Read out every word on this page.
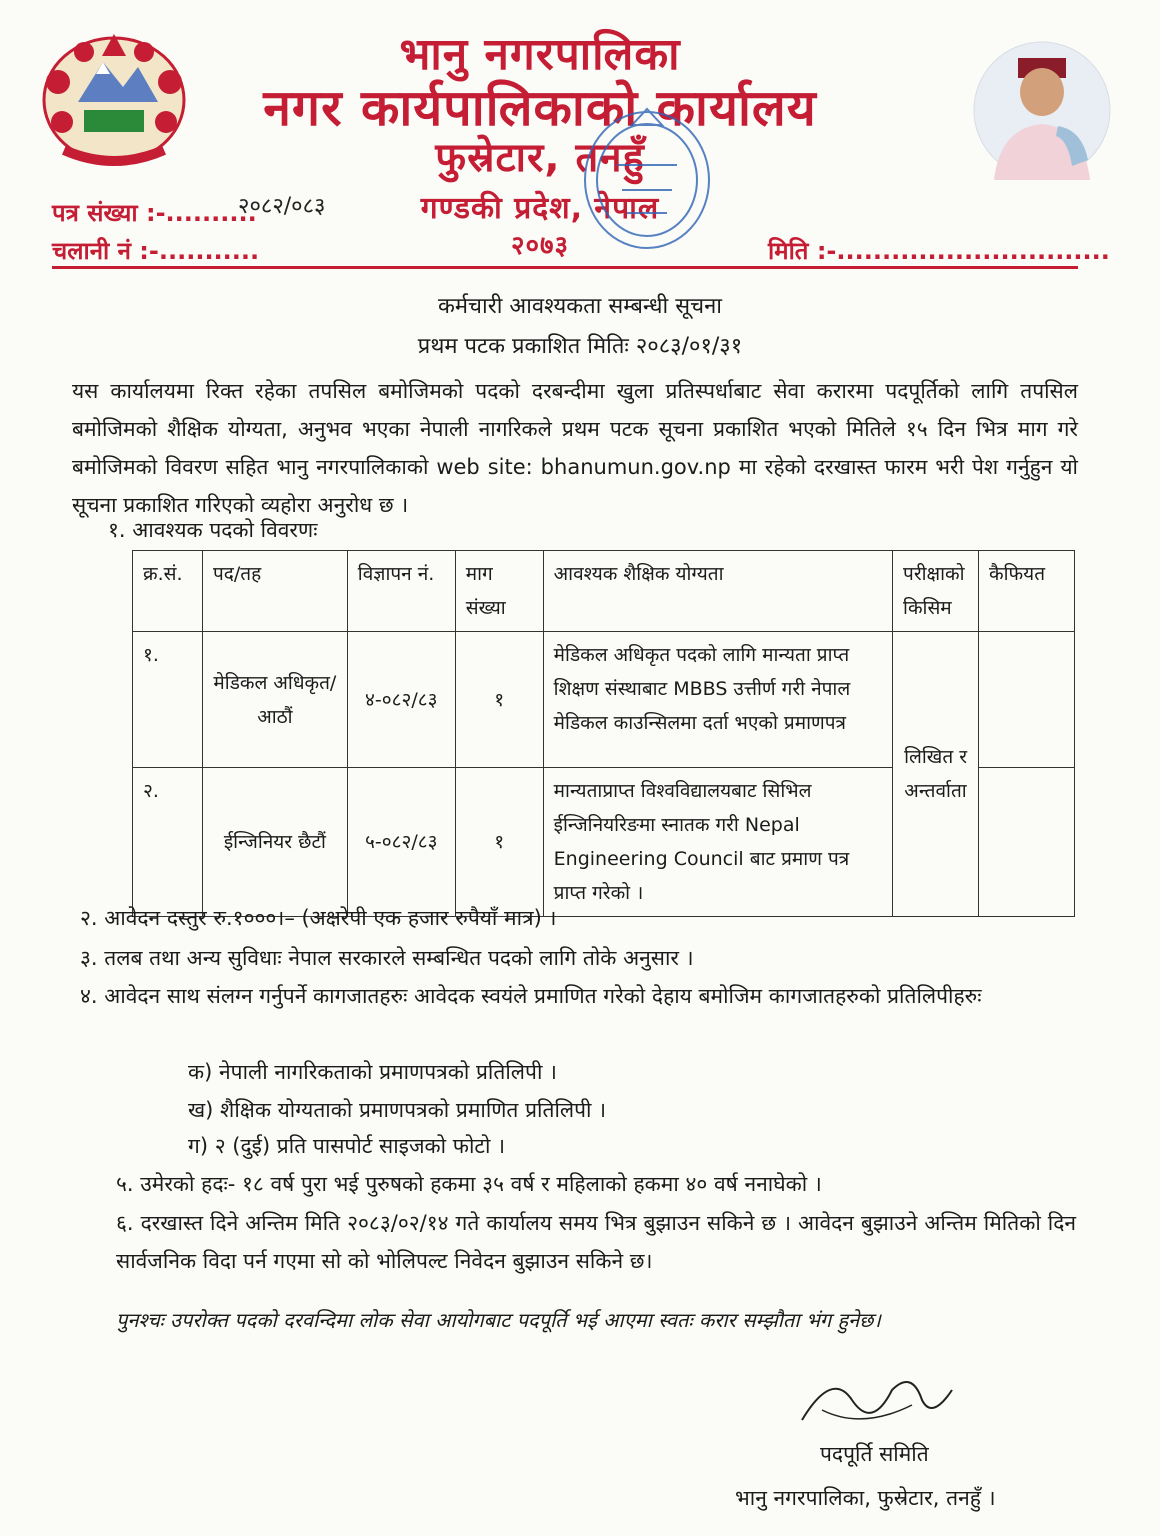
भानु नगरपालिका
नगर कार्यपालिकाको कार्यालय
फुस्रेटार, तनहुँ
गण्डकी प्रदेश, नेपाल
२०७३
पत्र संख्या :-..........
२०८२/०८३
चलानी नं :-...........	मिति :-..............................
कर्मचारी आवश्यकता सम्बन्धी सूचना
प्रथम पटक प्रकाशित मितिः २०८३/०१/३१
यस कार्यालयमा रिक्त रहेका तपसिल बमोजिमको पदको दरबन्दीमा खुला प्रतिस्पर्धाबाट सेवा करारमा पदपूर्तिको लागि तपसिल बमोजिमको शैक्षिक योग्यता, अनुभव भएका नेपाली नागरिकले प्रथम पटक सूचना प्रकाशित भएको मितिले १५ दिन भित्र माग गरे बमोजिमको विवरण सहित भानु नगरपालिकाको web site: bhanumun.gov.np मा रहेको दरखास्त फारम भरी पेश गर्नुहुन यो सूचना प्रकाशित गरिएको व्यहोरा अनुरोध छ ।
१. आवश्यक पदको विवरणः
क्र.सं.	पद/तह	विज्ञापन नं.	माग संख्या	आवश्यक शैक्षिक योग्यता	परीक्षाको किसिम	कैफियत
१.	मेडिकल अधिकृत/आठौं	४-०८२/८३	१	मेडिकल अधिकृत पदको लागि मान्यता प्राप्त शिक्षण संस्थाबाट MBBS उत्तीर्ण गरी नेपाल मेडिकल काउन्सिलमा दर्ता भएको प्रमाणपत्र	लिखित र अन्तर्वाता	
२.	ईन्जिनियर छैटौं	५-०८२/८३	१	मान्यताप्राप्त विश्वविद्यालयबाट सिभिल ईन्जिनियरिङमा स्नातक गरी Nepal Engineering Council बाट प्रमाण पत्र प्राप्त गरेको ।		
२. आवेदन दस्तुर रु.१०००।– (अक्षरेपी एक हजार रुपैयाँ मात्र) ।
३. तलब तथा अन्य सुविधाः नेपाल सरकारले सम्बन्धित पदको लागि तोके अनुसार ।
४. आवेदन साथ संलग्न गर्नुपर्ने कागजातहरुः आवेदक स्वयंले प्रमाणित गरेको देहाय बमोजिम कागजातहरुको प्रतिलिपीहरुः
क) नेपाली नागरिकताको प्रमाणपत्रको प्रतिलिपी ।
ख) शैक्षिक योग्यताको प्रमाणपत्रको प्रमाणित प्रतिलिपी ।
ग) २ (दुई) प्रति पासपोर्ट साइजको फोटो ।
५. उमेरको हदः- १८ वर्ष पुरा भई पुरुषको हकमा ३५ वर्ष र महिलाको हकमा ४० वर्ष ननाघेको ।
६. दरखास्त दिने अन्तिम मिति २०८३/०२/१४ गते कार्यालय समय भित्र बुझाउन सकिने छ । आवेदन बुझाउने अन्तिम मितिको दिन सार्वजनिक विदा पर्न गएमा सो को भोलिपल्ट निवेदन बुझाउन सकिने छ।
पुनश्चः उपरोक्त पदको दरवन्दिमा लोक सेवा आयोगबाट पदपूर्ति भई आएमा स्वतः करार सम्झौता भंग हुनेछ।
पदपूर्ति समिति
भानु नगरपालिका, फुस्रेटार, तनहुँ ।
